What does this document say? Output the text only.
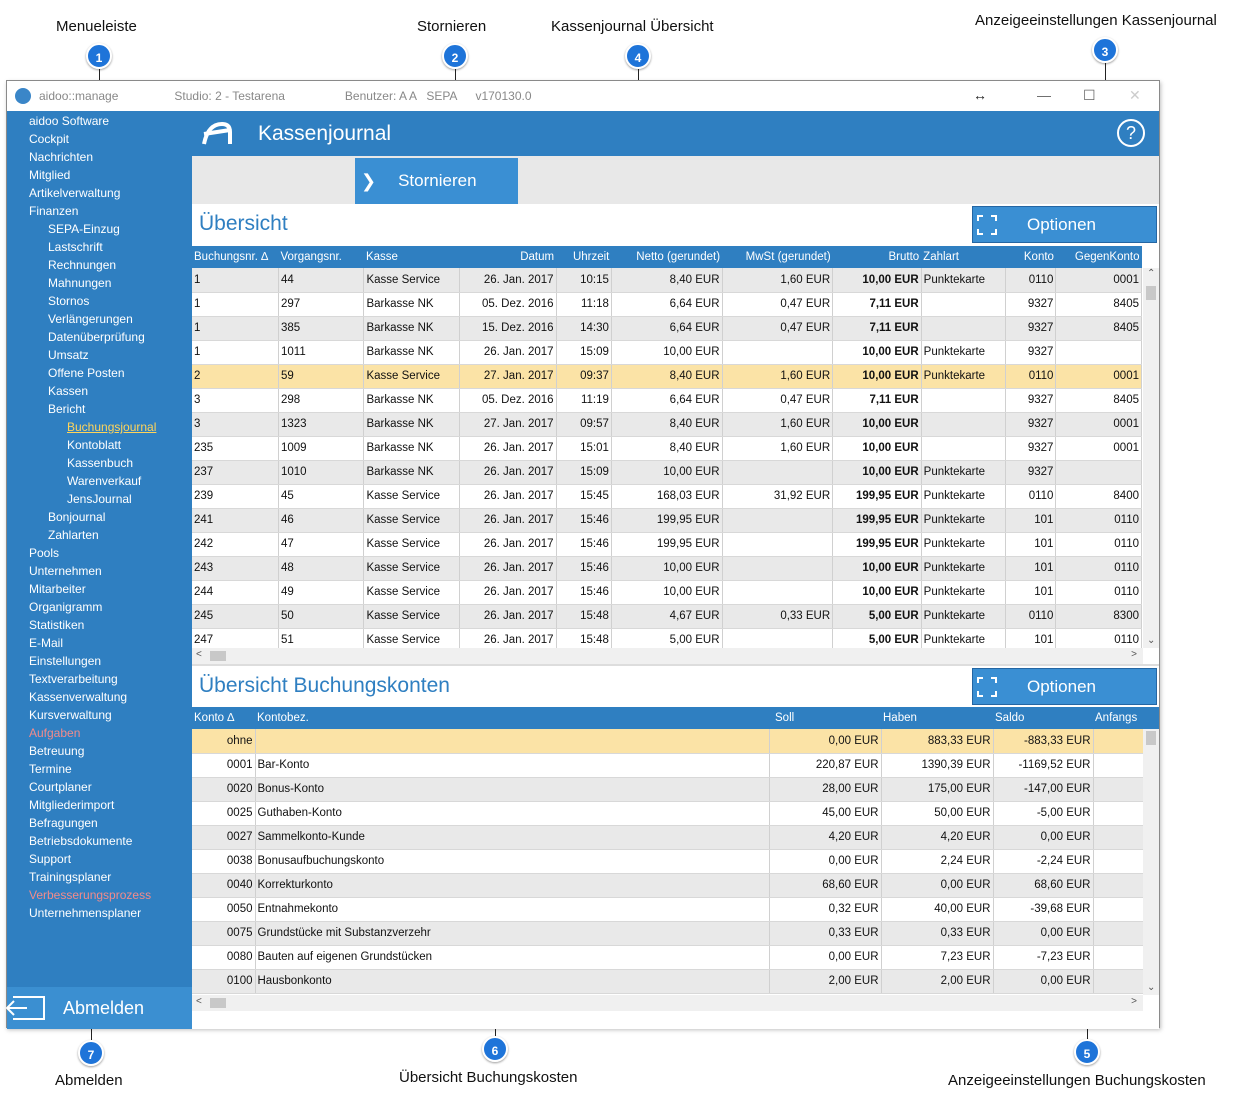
Menueleiste
1
Stornieren
2
Kassenjournal Übersicht
4
Anzeigeeinstellungen Kassenjournal
3
5
Anzeigeeinstellungen Buchungskosten
6
Übersicht Buchungskosten
7
Abmelden
aidoo::manage	Studio: 2 - Testarena	Benutzer: A A   SEPA v170130.0	↔	— ☐ ✕
aidoo Software
Cockpit
Nachrichten
Mitglied
Artikelverwaltung
Finanzen
SEPA-Einzug
Lastschrift
Rechnungen
Mahnungen
Stornos
Verlängerungen
Datenüberprüfung
Umsatz
Offene Posten
Kassen
Bericht
Buchungsjournal
Kontoblatt
Kassenbuch
Warenverkauf
JensJournal
Bonjournal
Zahlarten
Pools
Unternehmen
Mitarbeiter
Organigramm
Statistiken
E-Mail
Einstellungen
Textverarbeitung
Kassenverwaltung
Kursverwaltung
Aufgaben
Betreuung
Termine
Courtplaner
Mitgliederimport
Befragungen
Betriebsdokumente
Support
Trainingsplaner
Verbesserungsprozess
Unternehmensplaner
Abmelden
Kassenjournal	?
❯ Stornieren
Übersicht	Optionen
Buchungsnr. ∆	Vorgangsnr.	Kasse	Datum	Uhrzeit	Netto (gerundet)	MwSt (gerundet)	Brutto	Zahlart	Konto	GegenKonto
1	44	Kasse Service	26. Jan. 2017	10:15	8,40 EUR	1,60 EUR	10,00 EUR	Punktekarte	0110	0001
1	297	Barkasse NK	05. Dez. 2016	11:18	6,64 EUR	0,47 EUR	7,11 EUR		9327	8405
1	385	Barkasse NK	15. Dez. 2016	14:30	6,64 EUR	0,47 EUR	7,11 EUR		9327	8405
1	1011	Barkasse NK	26. Jan. 2017	15:09	10,00 EUR		10,00 EUR	Punktekarte	9327	
2	59	Kasse Service	27. Jan. 2017	09:37	8,40 EUR	1,60 EUR	10,00 EUR	Punktekarte	0110	0001
3	298	Barkasse NK	05. Dez. 2016	11:19	6,64 EUR	0,47 EUR	7,11 EUR		9327	8405
3	1323	Barkasse NK	27. Jan. 2017	09:57	8,40 EUR	1,60 EUR	10,00 EUR		9327	0001
235	1009	Barkasse NK	26. Jan. 2017	15:01	8,40 EUR	1,60 EUR	10,00 EUR		9327	0001
237	1010	Barkasse NK	26. Jan. 2017	15:09	10,00 EUR		10,00 EUR	Punktekarte	9327	
239	45	Kasse Service	26. Jan. 2017	15:45	168,03 EUR	31,92 EUR	199,95 EUR	Punktekarte	0110	8400
241	46	Kasse Service	26. Jan. 2017	15:46	199,95 EUR		199,95 EUR	Punktekarte	101	0110
242	47	Kasse Service	26. Jan. 2017	15:46	199,95 EUR		199,95 EUR	Punktekarte	101	0110
243	48	Kasse Service	26. Jan. 2017	15:46	10,00 EUR		10,00 EUR	Punktekarte	101	0110
244	49	Kasse Service	26. Jan. 2017	15:46	10,00 EUR		10,00 EUR	Punktekarte	101	0110
245	50	Kasse Service	26. Jan. 2017	15:48	4,67 EUR	0,33 EUR	5,00 EUR	Punktekarte	0110	8300
247	51	Kasse Service	26. Jan. 2017	15:48	5,00 EUR		5,00 EUR	Punktekarte	101	0110
⌃
⌄
<	>
Übersicht Buchungskonten	Optionen
Konto ∆	Kontobez.	Soll	Haben	Saldo	Anfangs
ohne		0,00 EUR	883,33 EUR	-883,33 EUR	
0001	Bar-Konto	220,87 EUR	1390,39 EUR	-1169,52 EUR	
0020	Bonus-Konto	28,00 EUR	175,00 EUR	-147,00 EUR	
0025	Guthaben-Konto	45,00 EUR	50,00 EUR	-5,00 EUR	
0027	Sammelkonto-Kunde	4,20 EUR	4,20 EUR	0,00 EUR	
0038	Bonusaufbuchungskonto	0,00 EUR	2,24 EUR	-2,24 EUR	
0040	Korrekturkonto	68,60 EUR	0,00 EUR	68,60 EUR	
0050	Entnahmekonto	0,32 EUR	40,00 EUR	-39,68 EUR	
0075	Grundstücke mit Substanzverzehr	0,33 EUR	0,33 EUR	0,00 EUR	
0080	Bauten auf eigenen Grundstücken	0,00 EUR	7,23 EUR	-7,23 EUR	
0100	Hausbonkonto	2,00 EUR	2,00 EUR	0,00 EUR	
⌄
<	>
